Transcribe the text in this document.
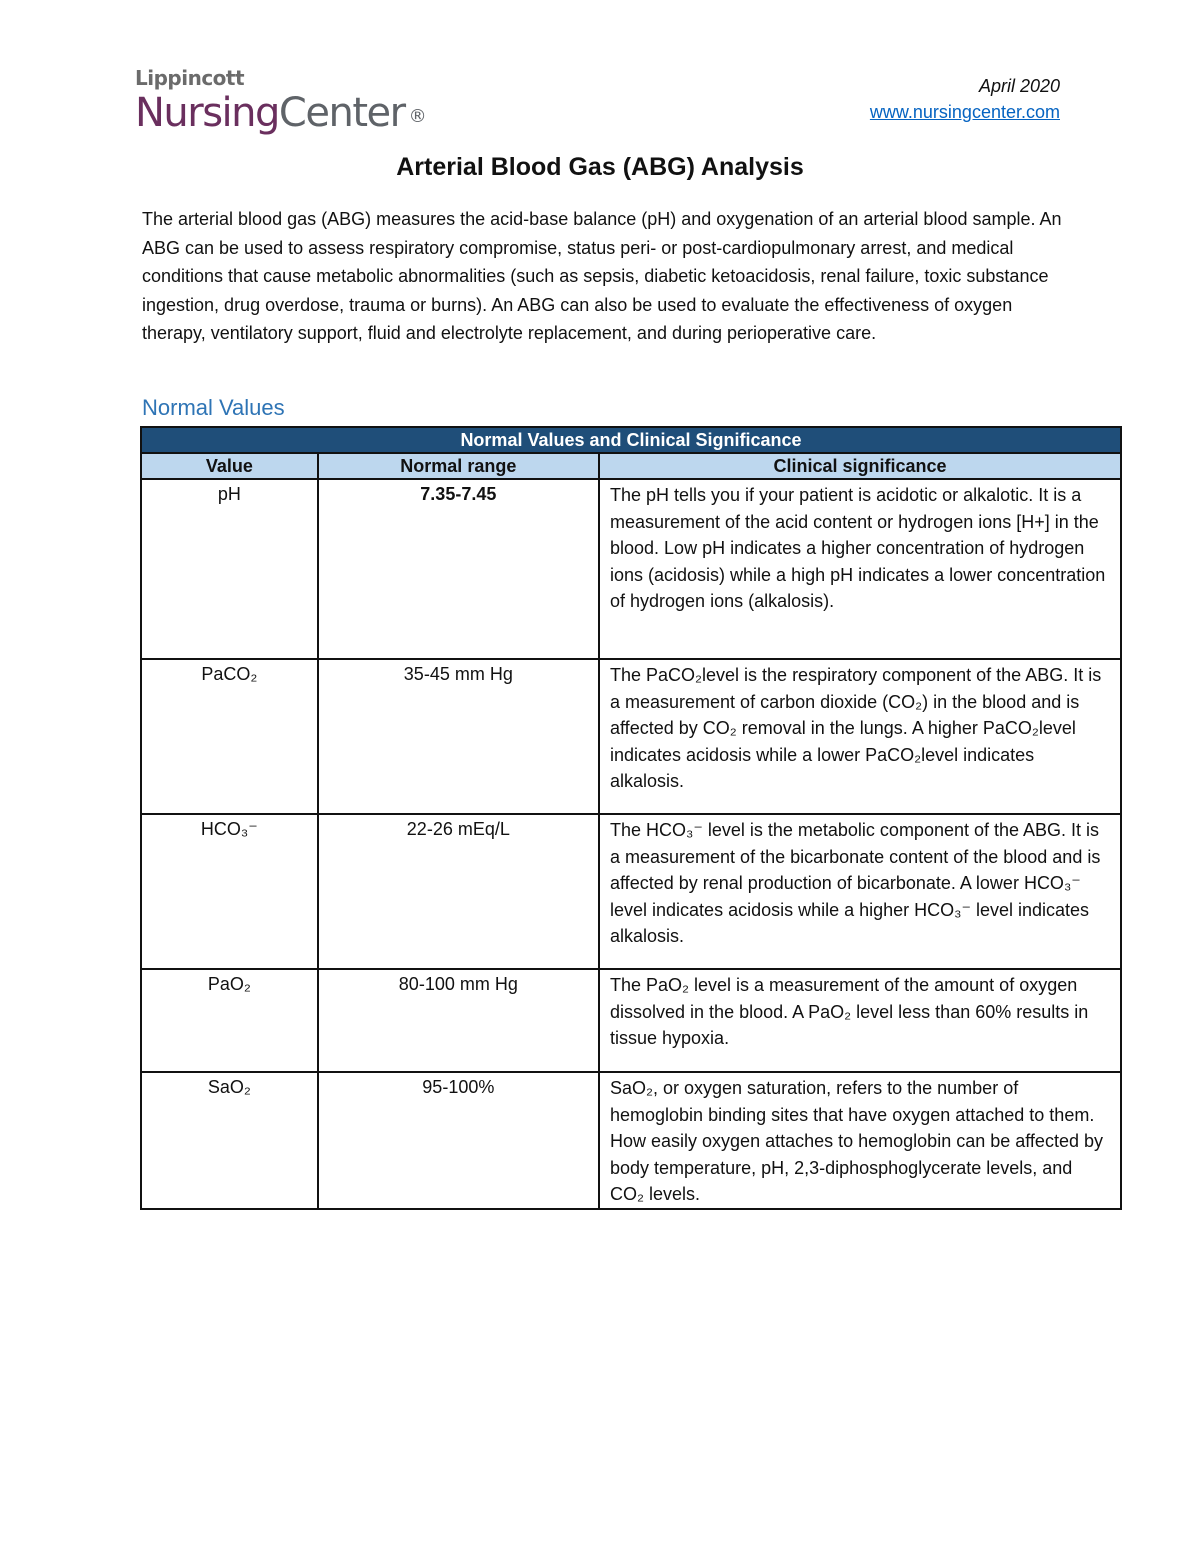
Lippincott
NursingCenter ®
April 2020
www.nursingcenter.com
Arterial Blood Gas (ABG) Analysis
The arterial blood gas (ABG) measures the acid-base balance (pH) and oxygenation of an arterial blood sample. An ABG can be used to assess respiratory compromise, status peri- or post-cardiopulmonary arrest, and medical conditions that cause metabolic abnormalities (such as sepsis, diabetic ketoacidosis, renal failure, toxic substance ingestion, drug overdose, trauma or burns). An ABG can also be used to evaluate the effectiveness of oxygen therapy, ventilatory support, fluid and electrolyte replacement, and during perioperative care.
Normal Values
Normal Values and Clinical Significance		
Value	Normal range	Clinical significance
pH	7.35-7.45	The pH tells you if your patient is acidotic or alkalotic. It is a measurement of the acid content or hydrogen ions [H+] in the blood. Low pH indicates a higher concentration of hydrogen ions (acidosis) while a high pH indicates a lower concentration of hydrogen ions (alkalosis).
PaCO₂	35-45 mm Hg	The PaCO₂level is the respiratory component of the ABG. It is a measurement of carbon dioxide (CO₂) in the blood and is affected by CO₂ removal in the lungs. A higher PaCO₂level indicates acidosis while a lower PaCO₂level indicates alkalosis.
HCO₃⁻	22-26 mEq/L	The HCO₃⁻ level is the metabolic component of the ABG. It is a measurement of the bicarbonate content of the blood and is affected by renal production of bicarbonate. A lower HCO₃⁻ level indicates acidosis while a higher HCO₃⁻ level indicates alkalosis.
PaO₂	80-100 mm Hg	The PaO₂ level is a measurement of the amount of oxygen dissolved in the blood. A PaO₂ level less than 60% results in tissue hypoxia.
SaO₂	95-100%	SaO₂, or oxygen saturation, refers to the number of hemoglobin binding sites that have oxygen attached to them. How easily oxygen attaches to hemoglobin can be affected by body temperature, pH, 2,3-diphosphoglycerate levels, and CO₂ levels.
